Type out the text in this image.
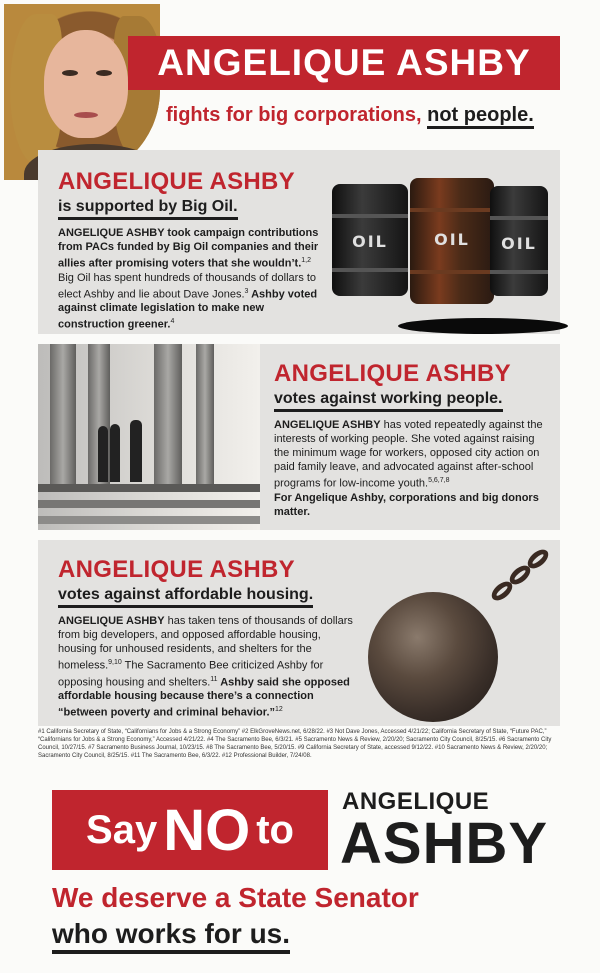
ANGELIQUE ASHBY
fights for big corporations, not people.
ANGELIQUE ASHBY
is supported by Big Oil.
ANGELIQUE ASHBY took campaign contributions from PACs funded by Big Oil companies and their allies after promising voters that she wouldn’t.$^{1,2}$ Big Oil has spent hundreds of thousands of dollars to elect Ashby and lie about Dave Jones.$^3$ Ashby voted against climate legislation to make new construction greener.$^4$
OIL	OIL	OIL
ANGELIQUE ASHBY
votes against working people.
ANGELIQUE ASHBY has voted repeatedly against the interests of working people. She voted against raising the minimum wage for workers, opposed city action on paid family leave, and advocated against after-school programs for low-income youth.$^{5,6,7,8}$
For Angelique Ashby, corporations and big donors matter.
ANGELIQUE ASHBY
votes against affordable housing.
ANGELIQUE ASHBY has taken tens of thousands of dollars from big developers, and opposed affordable housing, housing for unhoused residents, and shelters for the homeless.$^{9,10}$ The Sacramento Bee criticized Ashby for opposing housing and shelters.$^{11}$ Ashby said she opposed affordable housing because there’s a connection “between poverty and criminal behavior.”$^{12}$
#1 California Secretary of State, “Californians for Jobs & a Strong Economy” #2 ElkGroveNews.net, 6/28/22. #3 Not Dave Jones, Accessed 4/21/22; California Secretary of State, “Future PAC,” “Californians for Jobs & a Strong Economy,” Accessed 4/21/22. #4 The Sacramento Bee, 6/3/21. #5 Sacramento News & Review, 2/20/20; Sacramento City Council, 8/25/15. #6 Sacramento City Council, 10/27/15. #7 Sacramento Business Journal, 10/23/15. #8 The Sacramento Bee, 5/20/15. #9 California Secretary of State, accessed 9/12/22. #10 Sacramento News & Review, 2/20/20; Sacramento City Council, 8/25/15. #11 The Sacramento Bee, 6/3/22. #12 Professional Builder, 7/24/08.
Say NO to
ANGELIQUE
ASHBY
We deserve a State Senator
who works for us.
